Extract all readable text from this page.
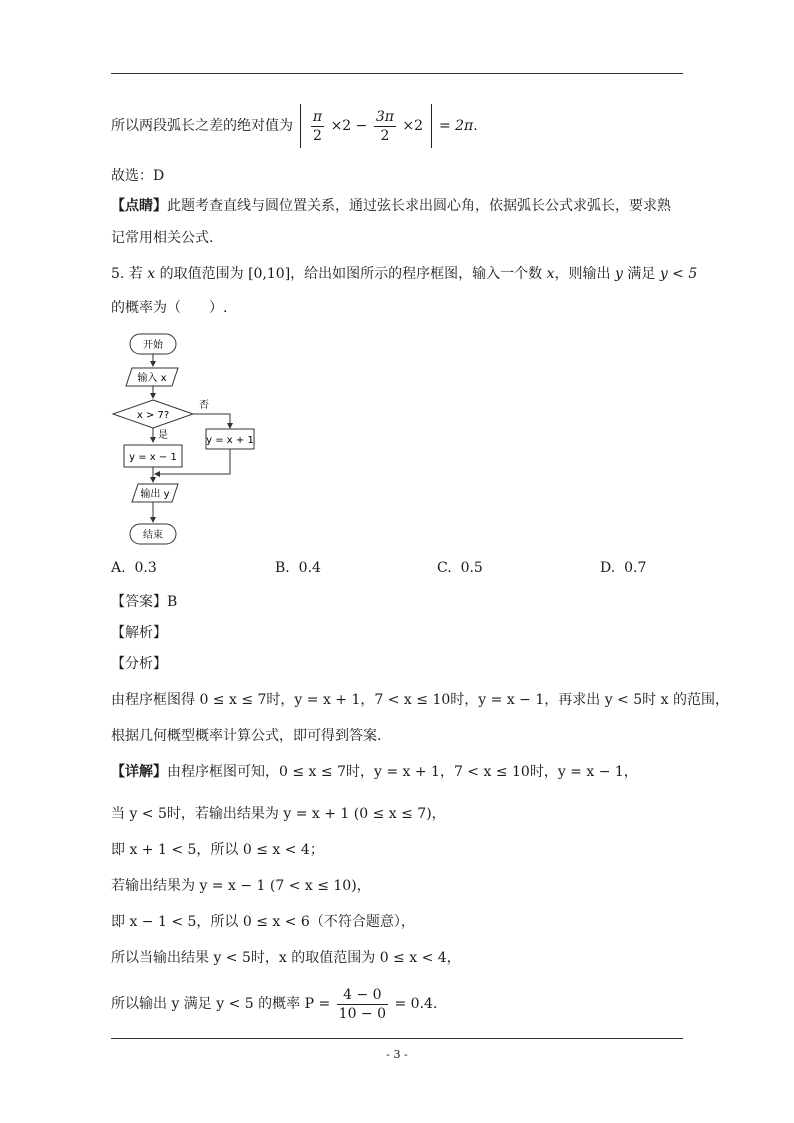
所以两段弧长之差的绝对值为 $\frac{\pi}{2} \times 2 - \frac{3\pi}{2} \times 2 = 2\pi$.
故选：D
【点睛】此题考查直线与圆位置关系，通过弦长求出圆心角，依据弧长公式求弧长，要求熟
记常用相关公式.
5. 若 x 的取值范围为 [0,10]，给出如图所示的程序框图，输入一个数 x，则输出 y 满足 y < 5
的概率为（　　）.
开始
输入 x
x > 7?
否
是
y = x − 1
y = x + 1
输出 y
结束
A. 0.3	B. 0.4	C. 0.5	D. 0.7
【答案】B
【解析】
【分析】
由程序框图得 0 ≤ x ≤ 7时，y = x + 1，7 < x ≤ 10时，y = x − 1，再求出 y < 5时 x 的范围，
根据几何概型概率计算公式，即可得到答案.
【详解】由程序框图可知，0 ≤ x ≤ 7时，y = x + 1，7 < x ≤ 10时，y = x − 1，
当 y < 5时，若输出结果为 y = x + 1 (0 ≤ x ≤ 7)，
即 x + 1 < 5，所以 0 ≤ x < 4；
若输出结果为 y = x − 1 (7 < x ≤ 10)，
即 x − 1 < 5，所以 0 ≤ x < 6（不符合题意），
所以当输出结果 y < 5时，x 的取值范围为 0 ≤ x < 4，
所以输出 y 满足 y < 5 的概率 $P = \frac{4 - 0}{10 - 0} = 0.4$.
- 3 -
